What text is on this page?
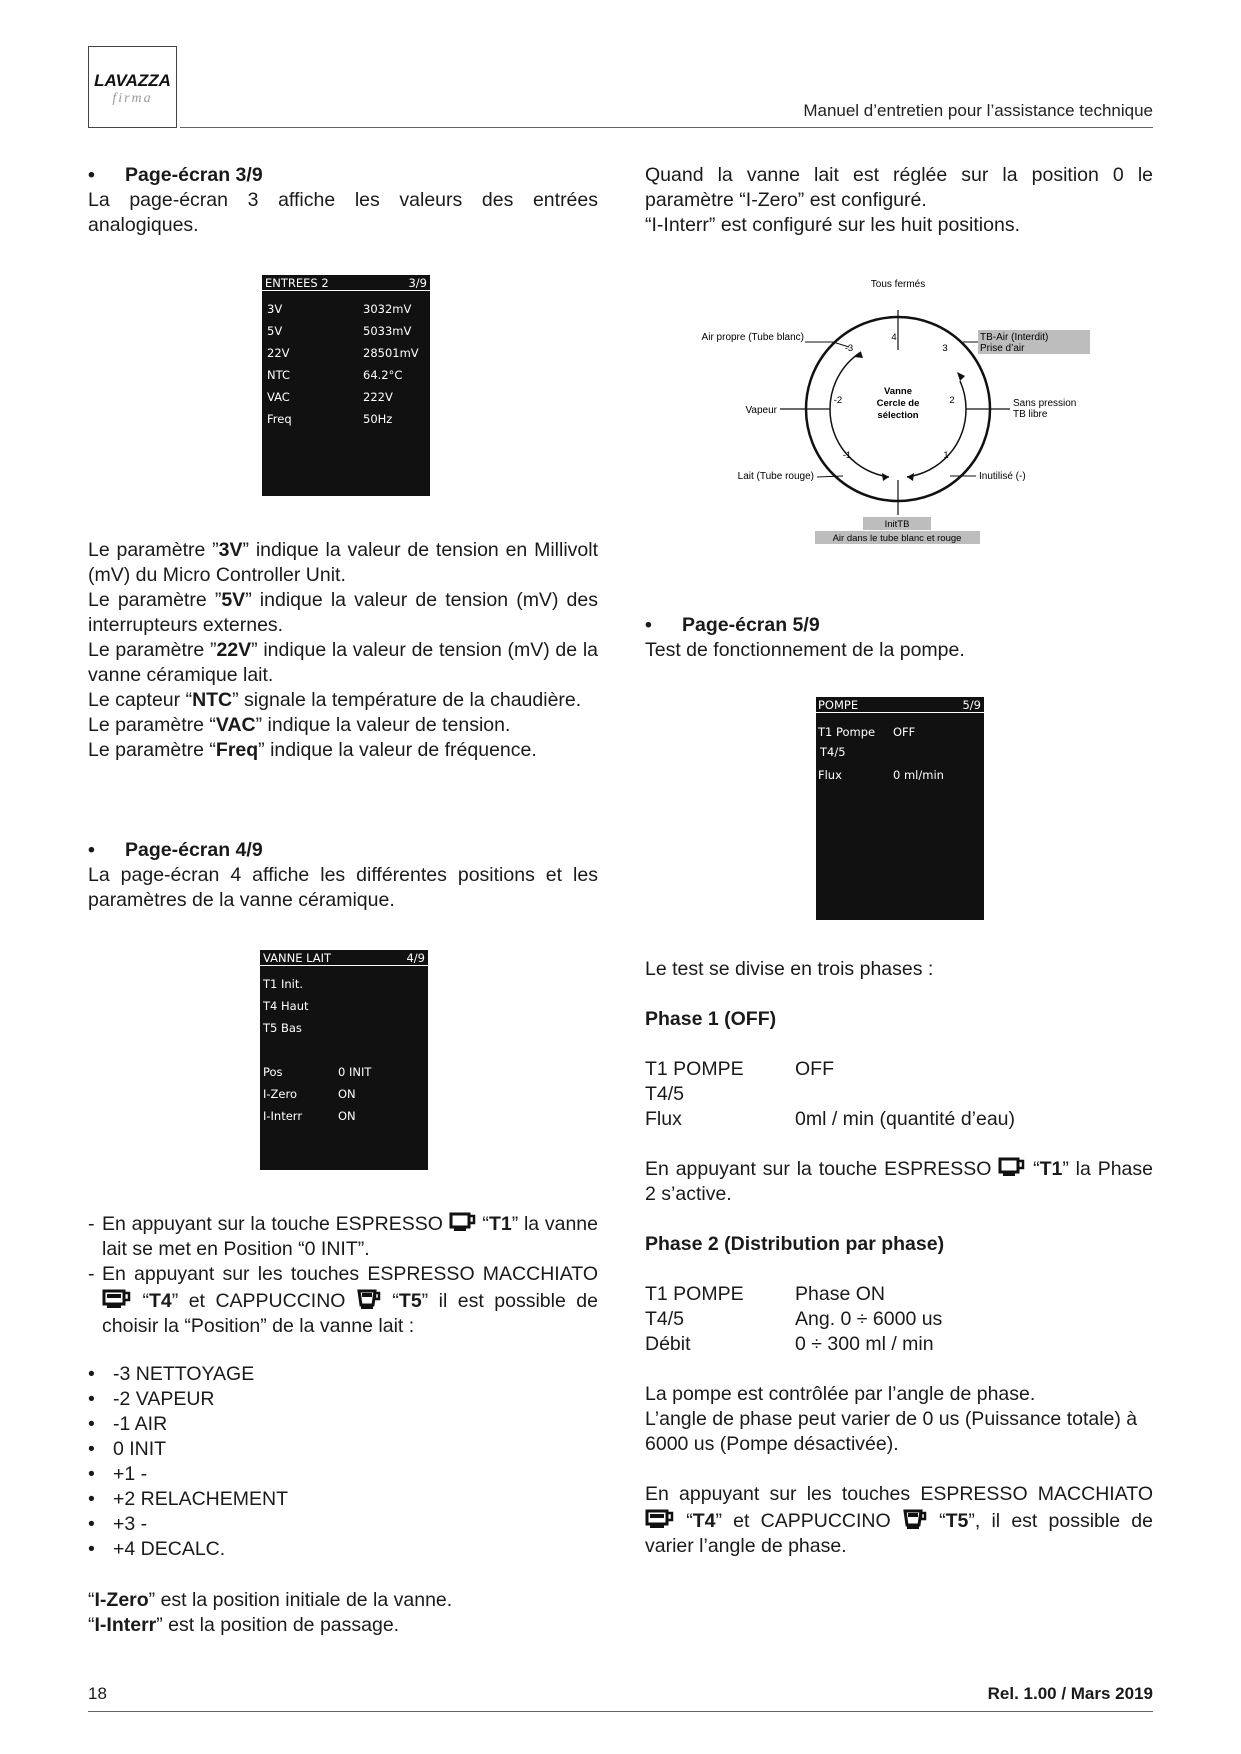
LAVAZZA
firma
Manuel d’entretien pour l’assistance technique

• Page-écran 3/9

La page-écran 3 affiche les valeurs des entrées analogiques.

ENTREES 2	3/9
3V	3032mV
5V	5033mV
22V	28501mV
NTC	64.2°C
VAC	222V
Freq	50Hz

Le paramètre ”3V” indique la valeur de tension en Millivolt (mV) du Micro Controller Unit.

Le paramètre ”5V” indique la valeur de tension (mV) des interrupteurs externes.

Le paramètre ”22V” indique la valeur de tension (mV) de la vanne céramique lait.

Le capteur “NTC” signale la température de la chaudière.

Le paramètre “VAC” indique la valeur de tension.

Le paramètre “Freq” indique la valeur de fréquence.

• Page-écran 4/9

La page-écran 4 affiche les différentes positions et les paramètres de la vanne céramique.

VANNE LAIT	4/9
T1 Init.
T4 Haut
T5 Bas
Pos	0 INIT
I-Zero	ON
I-Interr	ON

- En appuyant sur la touche ESPRESSO  “T1” la vanne lait se met en Position “0 INIT”.

- En appuyant sur les touches ESPRESSO MACCHIATO  “T4” et CAPPUCCINO  “T5” il est possible de choisir la “Position” de la vanne lait :

• -3 NETTOYAGE

• -2 VAPEUR

• -1 AIR

• 0 INIT

• +1 -

• +2 RELACHEMENT

• +3 -

• +4 DECALC.

“I-Zero” est la position initiale de la vanne.

“I-Interr” est la position de passage.

Quand la vanne lait est réglée sur la position 0 le paramètre “I-Zero” est configuré.

“I-Interr” est configuré sur les huit positions.

Tous fermés
Air propre (Tube blanc)	TB-Air (Interdit)
Prise d’air
Vapeur
Sans pression
TB libre
Lait (Tube rouge)	Inutilisé (-)
Vanne
Cercle de
sélection
4
-3	3
-2	2
-1	1
InitTB
Air dans le tube blanc et rouge

• Page-écran 5/9

Test de fonctionnement de la pompe.

POMPE	5/9
T1 Pompe OFF
T4/5
Flux	0 ml/min
Le test se divise en trois phases :

Phase 1 (OFF)

T1 POMPE	OFF

T4/5

Flux	0ml / min (quantité d’eau)

En appuyant sur la touche ESPRESSO  “T1” la Phase 2 s’active.

Phase 2 (Distribution par phase)

T1 POMPE	Phase ON

T4/5	Ang. 0 ÷ 6000 us

Débit	0 ÷ 300 ml / min

La pompe est contrôlée par l’angle de phase.

L’angle de phase peut varier de 0 us (Puissance totale) à 6000 us (Pompe désactivée).

En appuyant sur les touches ESPRESSO MACCHIATO  “T4” et CAPPUCCINO  “T5”, il est possible de varier l’angle de phase.

18	Rel. 1.00 / Mars 2019
